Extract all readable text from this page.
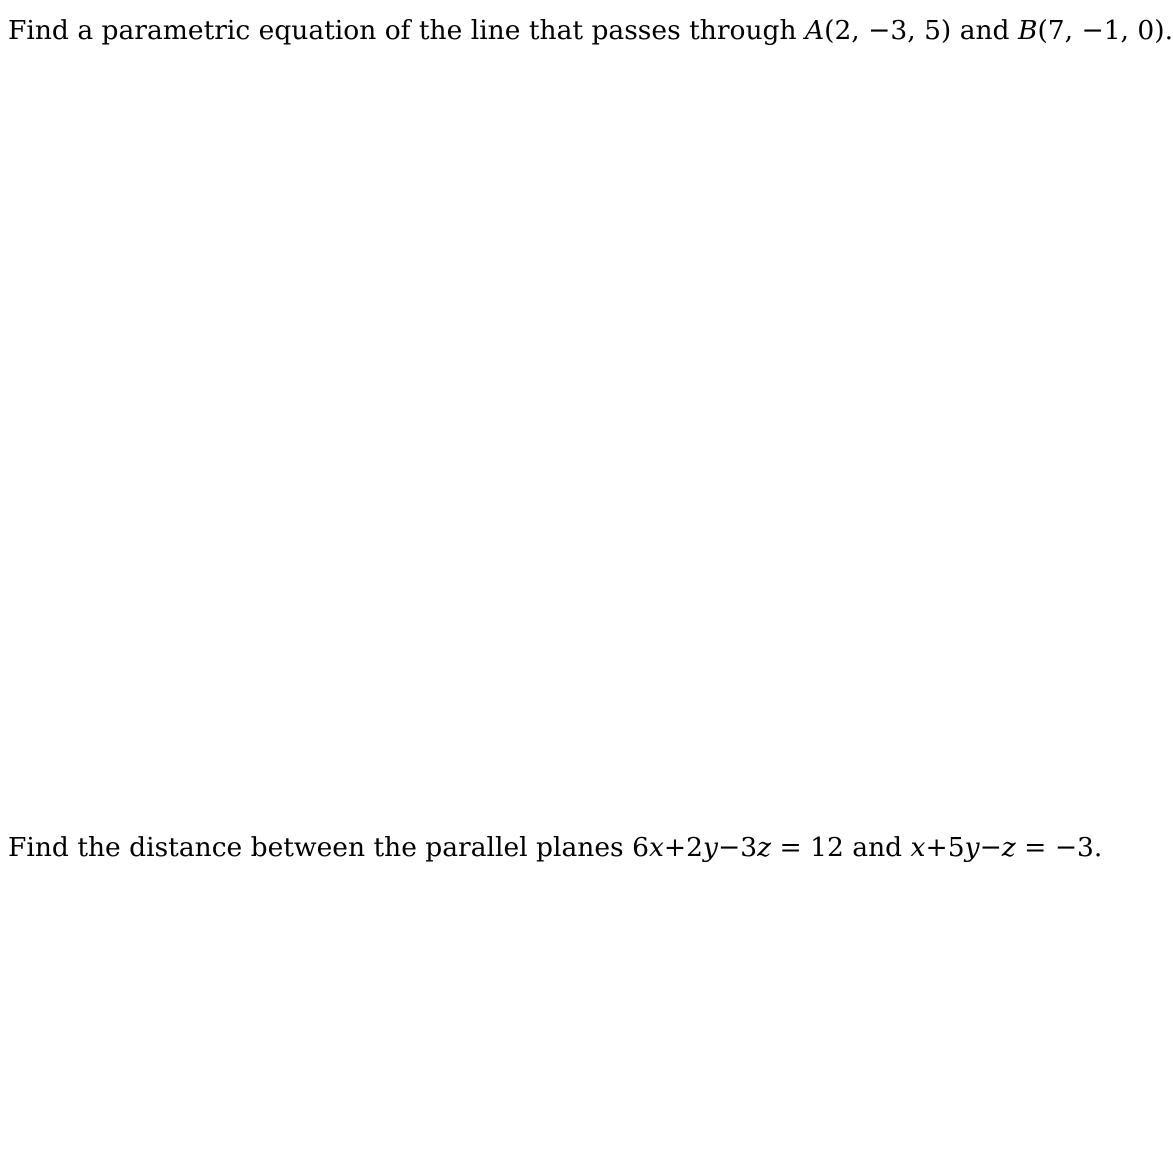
Find a parametric equation of the line that passes through A(2, −3, 5) and B(7, −1, 0).
Find the distance between the parallel planes 6x+2y−3z = 12 and x+5y−z = −3.
